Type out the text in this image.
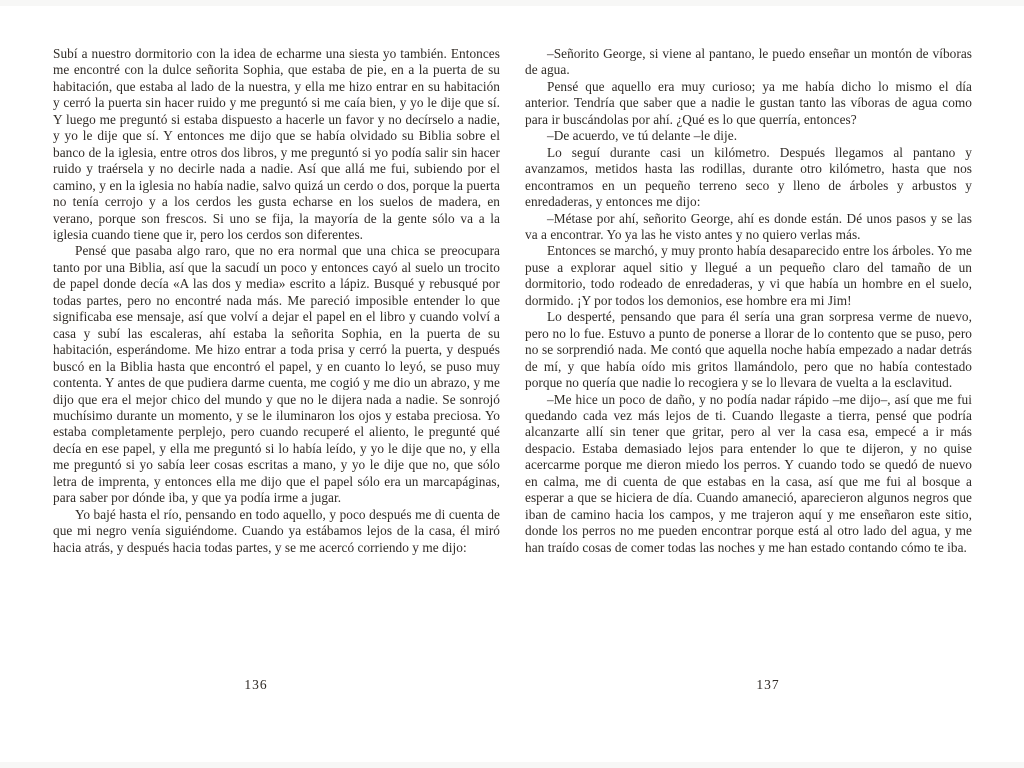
Subí a nuestro dormitorio con la idea de echarme una siesta yo también. Entonces me encontré con la dulce señorita Sophia, que estaba de pie, en a la puerta de su habitación, que estaba al lado de la nuestra, y ella me hizo entrar en su habitación y cerró la puerta sin hacer ruido y me preguntó si me caía bien, y yo le dije que sí. Y luego me preguntó si estaba dispuesto a hacerle un favor y no decírselo a nadie, y yo le dije que sí. Y entonces me dijo que se había olvidado su Biblia sobre el banco de la iglesia, entre otros dos libros, y me preguntó si yo podía salir sin hacer ruido y traérsela y no decirle nada a nadie. Así que allá me fui, subiendo por el camino, y en la iglesia no había nadie, salvo quizá un cerdo o dos, porque la puerta no tenía cerrojo y a los cerdos les gusta echarse en los suelos de madera, en verano, porque son frescos. Si uno se fija, la mayoría de la gente sólo va a la iglesia cuando tiene que ir, pero los cerdos son diferentes.

Pensé que pasaba algo raro, que no era normal que una chica se preocupara tanto por una Biblia, así que la sacudí un poco y entonces cayó al suelo un trocito de papel donde decía «A las dos y media» escrito a lápiz. Busqué y rebusqué por todas partes, pero no encontré nada más. Me pareció imposible entender lo que significaba ese mensaje, así que volví a dejar el papel en el libro y cuando volví a casa y subí las escaleras, ahí estaba la señorita Sophia, en la puerta de su habitación, esperándome. Me hizo entrar a toda prisa y cerró la puerta, y después buscó en la Biblia hasta que encontró el papel, y en cuanto lo leyó, se puso muy contenta. Y antes de que pudiera darme cuenta, me cogió y me dio un abrazo, y me dijo que era el mejor chico del mundo y que no le dijera nada a nadie. Se sonrojó muchísimo durante un momento, y se le iluminaron los ojos y estaba preciosa. Yo estaba completamente perplejo, pero cuando recuperé el aliento, le pregunté qué decía en ese papel, y ella me preguntó si lo había leído, y yo le dije que no, y ella me preguntó si yo sabía leer cosas escritas a mano, y yo le dije que no, que sólo letra de imprenta, y entonces ella me dijo que el papel sólo era un marcapáginas, para saber por dónde iba, y que ya podía irme a jugar.

Yo bajé hasta el río, pensando en todo aquello, y poco después me di cuenta de que mi negro venía siguiéndome. Cuando ya estábamos lejos de la casa, él miró hacia atrás, y después hacia todas partes, y se me acercó corriendo y me dijo:

136

–Señorito George, si viene al pantano, le puedo enseñar un montón de víboras de agua.

Pensé que aquello era muy curioso; ya me había dicho lo mismo el día anterior. Tendría que saber que a nadie le gustan tanto las víboras de agua como para ir buscándolas por ahí. ¿Qué es lo que querría, entonces?

–De acuerdo, ve tú delante –le dije.

Lo seguí durante casi un kilómetro. Después llegamos al pantano y avanzamos, metidos hasta las rodillas, durante otro kilómetro, hasta que nos encontramos en un pequeño terreno seco y lleno de árboles y arbustos y enredaderas, y entonces me dijo:

–Métase por ahí, señorito George, ahí es donde están. Dé unos pasos y se las va a encontrar. Yo ya las he visto antes y no quiero verlas más.

Entonces se marchó, y muy pronto había desaparecido entre los árboles. Yo me puse a explorar aquel sitio y llegué a un pequeño claro del tamaño de un dormitorio, todo rodeado de enredaderas, y vi que había un hombre en el suelo, dormido. ¡Y por todos los demonios, ese hombre era mi Jim!

Lo desperté, pensando que para él sería una gran sorpresa verme de nuevo, pero no lo fue. Estuvo a punto de ponerse a llorar de lo contento que se puso, pero no se sorprendió nada. Me contó que aquella noche había empezado a nadar detrás de mí, y que había oído mis gritos llamándolo, pero que no había contestado porque no quería que nadie lo recogiera y se lo llevara de vuelta a la esclavitud.

–Me hice un poco de daño, y no podía nadar rápido –me dijo–, así que me fui quedando cada vez más lejos de ti. Cuando llegaste a tierra, pensé que podría alcanzarte allí sin tener que gritar, pero al ver la casa esa, empecé a ir más despacio. Estaba demasiado lejos para entender lo que te dijeron, y no quise acercarme porque me dieron miedo los perros. Y cuando todo se quedó de nuevo en calma, me di cuenta de que estabas en la casa, así que me fui al bosque a esperar a que se hiciera de día. Cuando amaneció, aparecieron algunos negros que iban de camino hacia los campos, y me trajeron aquí y me enseñaron este sitio, donde los perros no me pueden encontrar porque está al otro lado del agua, y me han traído cosas de comer todas las noches y me han estado contando cómo te iba.

137
